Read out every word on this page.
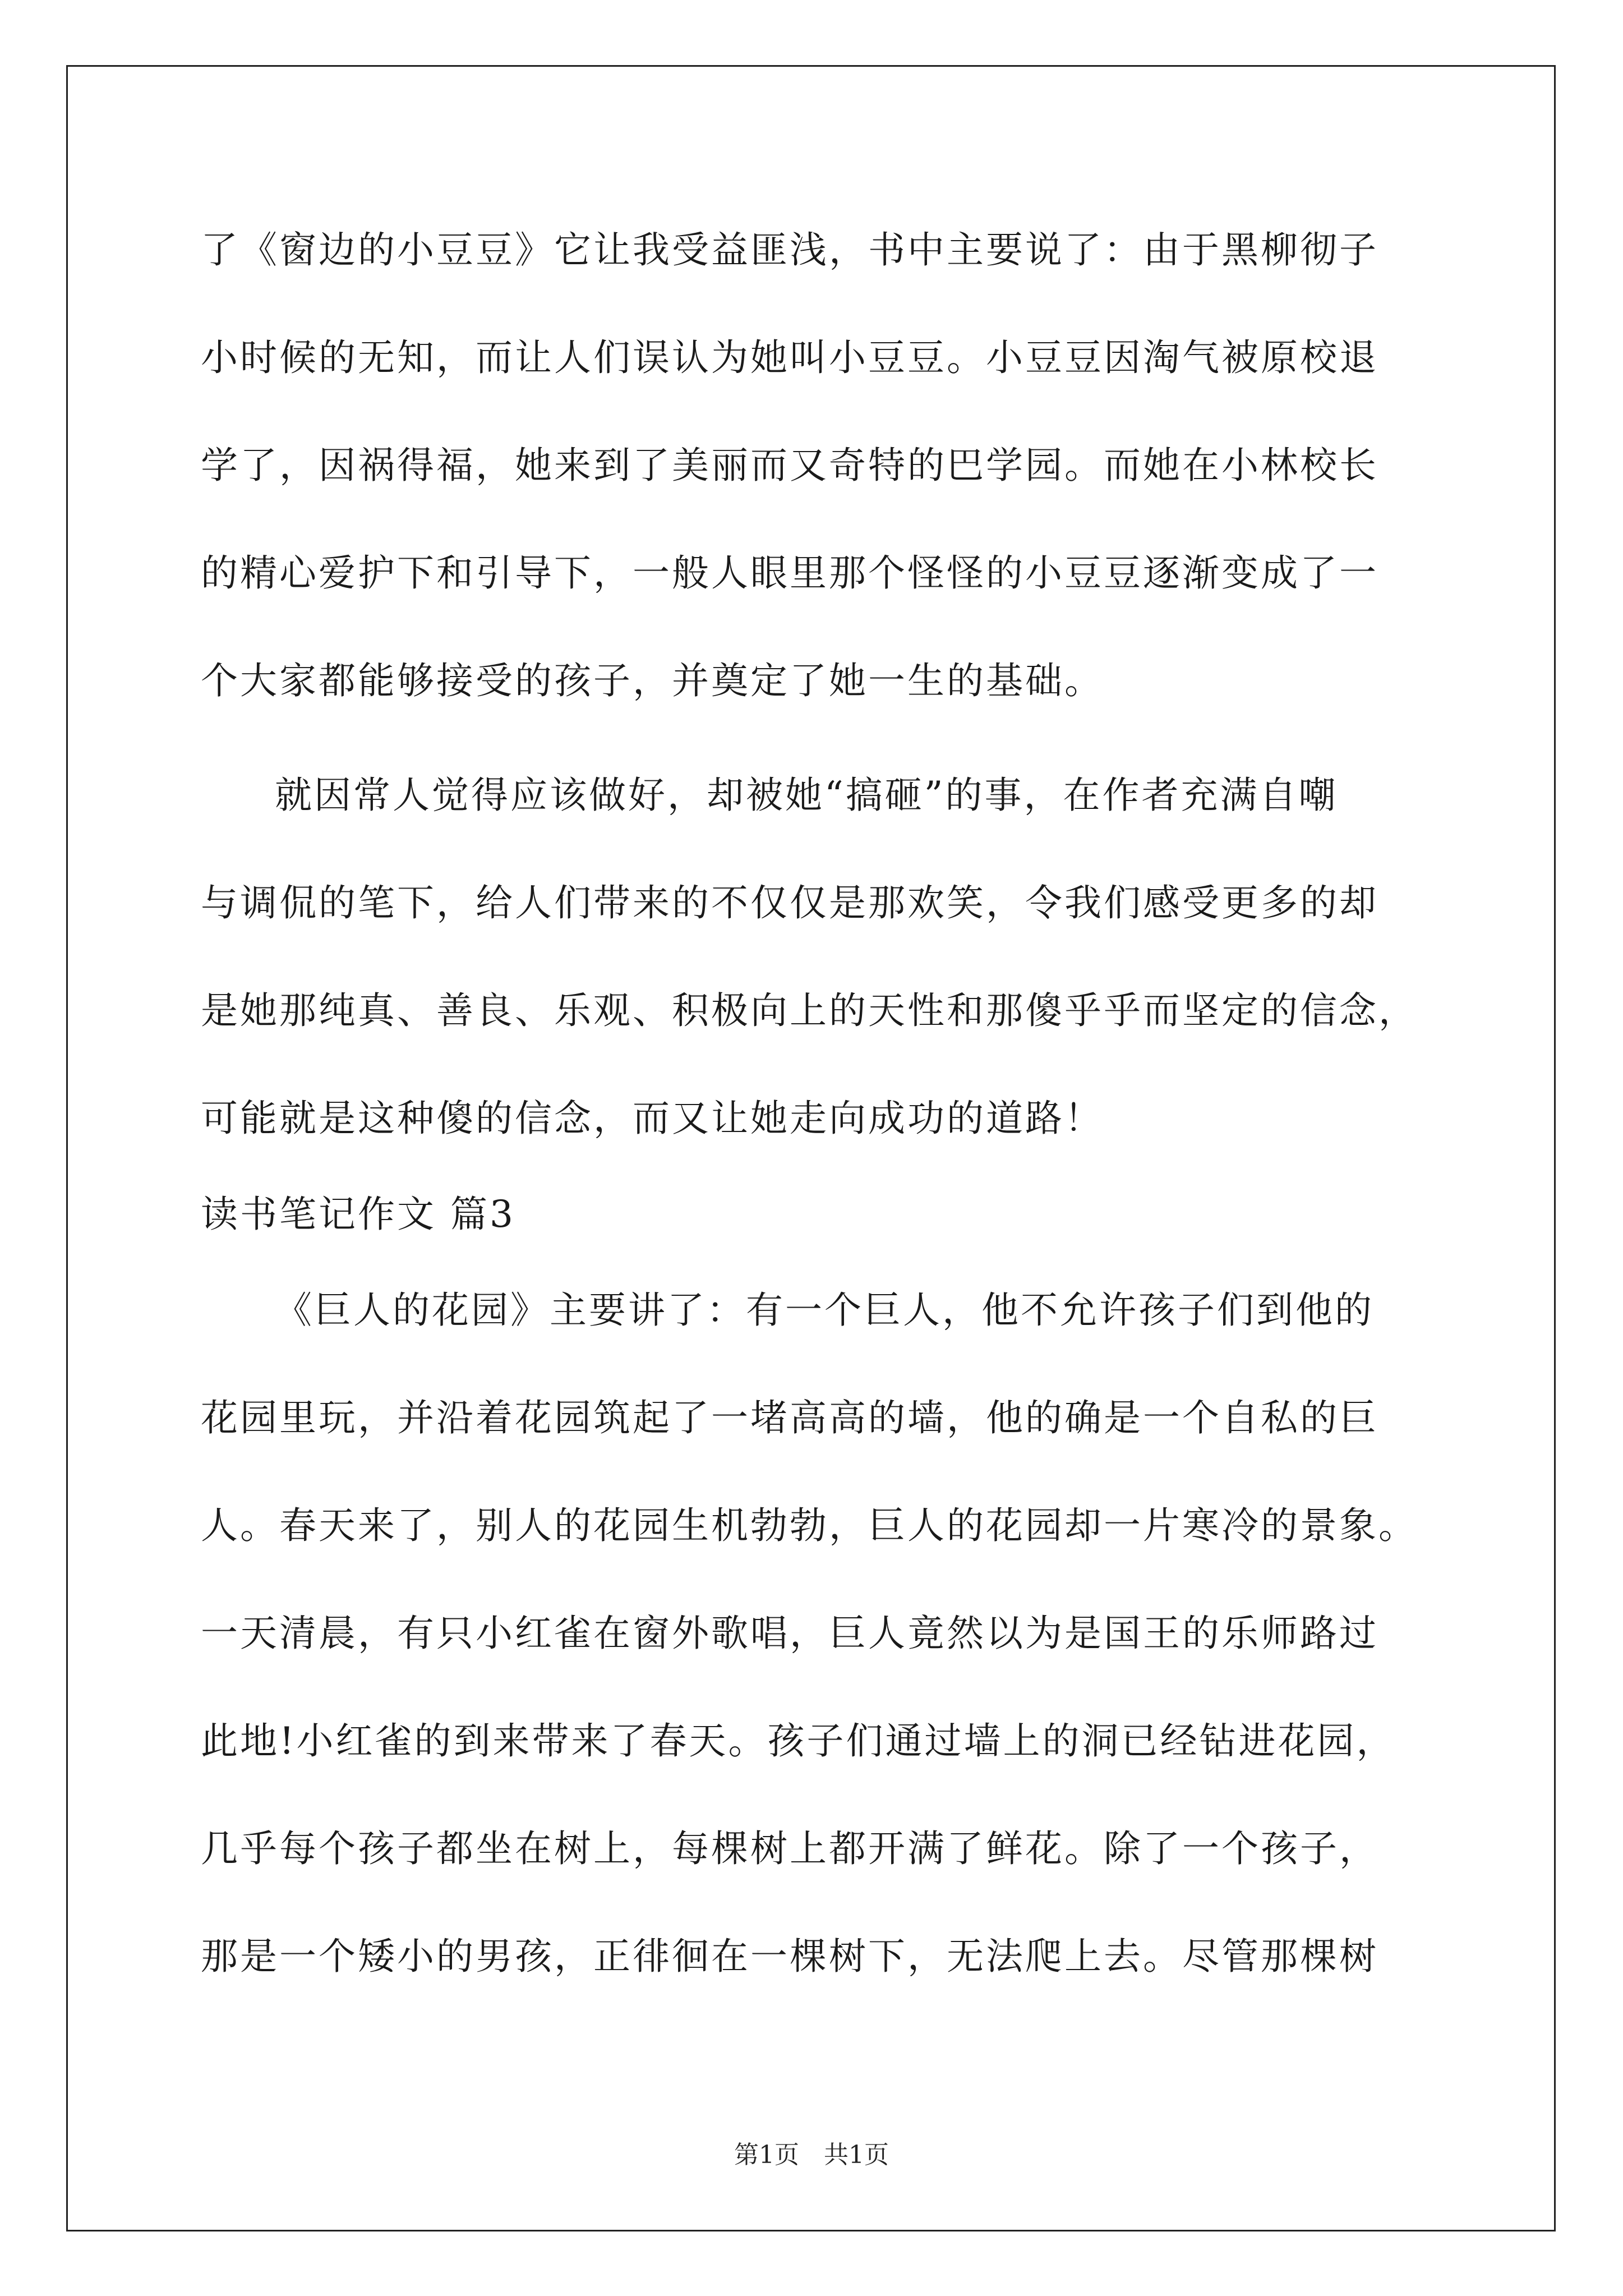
了《窗边的小豆豆》它让我受益匪浅，书中主要说了：由于黑柳彻子
小时候的无知，而让人们误认为她叫小豆豆。小豆豆因淘气被原校退
学了，因祸得福，她来到了美丽而又奇特的巴学园。而她在小林校长
的精心爱护下和引导下，一般人眼里那个怪怪的小豆豆逐渐变成了一
个大家都能够接受的孩子，并奠定了她一生的基础。
就因常人觉得应该做好，却被她“搞砸”的事，在作者充满自嘲
与调侃的笔下，给人们带来的不仅仅是那欢笑，令我们感受更多的却
是她那纯真、善良、乐观、积极向上的天性和那傻乎乎而坚定的信念，
可能就是这种傻的信念，而又让她走向成功的道路！
读书笔记作文 篇3
《巨人的花园》主要讲了：有一个巨人，他不允许孩子们到他的
花园里玩，并沿着花园筑起了一堵高高的墙，他的确是一个自私的巨
人。春天来了，别人的花园生机勃勃，巨人的花园却一片寒冷的景象。
一天清晨，有只小红雀在窗外歌唱，巨人竟然以为是国王的乐师路过
此地!小红雀的到来带来了春天。孩子们通过墙上的洞已经钻进花园，
几乎每个孩子都坐在树上，每棵树上都开满了鲜花。除了一个孩子，
那是一个矮小的男孩，正徘徊在一棵树下，无法爬上去。尽管那棵树
第1页　共1页
